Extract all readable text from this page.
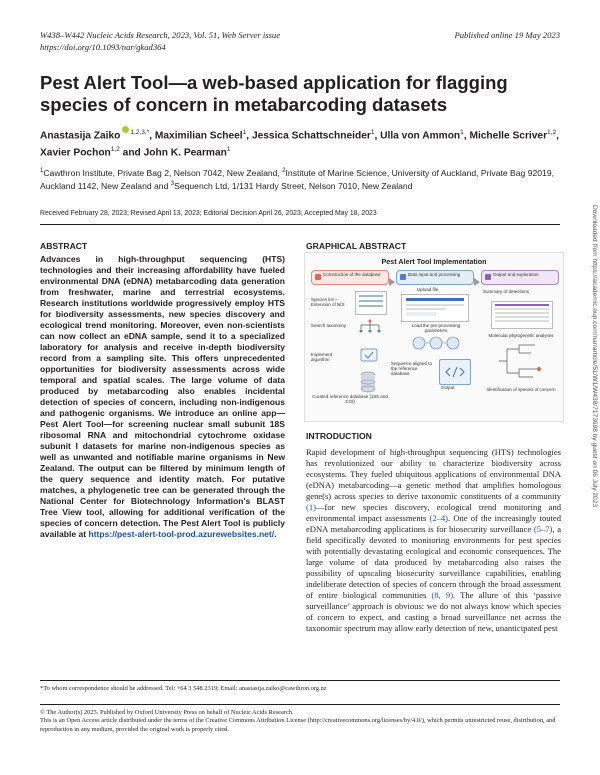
W438–W442 Nucleic Acids Research, 2023, Vol. 51, Web Server issue
https://doi.org/10.1093/nar/gkad364
Published online 19 May 2023
Pest Alert Tool—a web-based application for flagging species of concern in metabarcoding datasets
Anastasija Zaiko $^{1,2,3,*}$, Maximilian Scheel$^1$, Jessica Schattschneider$^1$, Ulla von Ammon$^1$, Michelle Scriver$^{1,2}$, Xavier Pochon$^{1,2}$ and John K. Pearman$^1$
$^1$Cawthron Institute, Private Bag 2, Nelson 7042, New Zealand, $^2$Institute of Marine Science, University of Auckland, Private Bag 92019, Auckland 1142, New Zealand and $^3$Sequench Ltd, 1/131 Hardy Street, Nelson 7010, New Zealand
Received February 28, 2023; Revised April 13, 2023; Editorial Decision April 26, 2023; Accepted May 18, 2023
ABSTRACT
Advances in high-throughput sequencing (HTS) technologies and their increasing affordability have fueled environmental DNA (eDNA) metabarcoding data generation from freshwater, marine and terrestrial ecosystems. Research institutions worldwide progressively employ HTS for biodiversity assessments, new species discovery and ecological trend monitoring. Moreover, even non-scientists can now collect an eDNA sample, send it to a specialized laboratory for analysis and receive in-depth biodiversity record from a sampling site. This offers unprecedented opportunities for biodiversity assessments across wide temporal and spatial scales. The large volume of data produced by metabarcoding also enables incidental detection of species of concern, including non-indigenous and pathogenic organisms. We introduce an online app—Pest Alert Tool—for screening nuclear small subunit 18S ribosomal RNA and mitochondrial cytochrome oxidase subunit I datasets for marine non-indigenous species as well as unwanted and notifiable marine organisms in New Zealand. The output can be filtered by minimum length of the query sequence and identity match. For putative matches, a phylogenetic tree can be generated through the National Center for Biotechnology Information's BLAST Tree View tool, allowing for additional verification of the species of concern detection. The Pest Alert Tool is publicly available at https://pest-alert-tool-prod.azurewebsites.net/.
GRAPHICAL ABSTRACT
Pest Alert Tool Implementation
Construction of the database	Data input and processing	Output and exploration
Species list – Extension of NIS
Search taxonomy
Implement algorithm
Curated reference database (18S and COI)
Upload file
Load the pre-processing parameters
Sequence aligned to the reference database
Output
Summary of detections
Molecular phylogenetic analyses
Identification of species of concern
INTRODUCTION
Rapid development of high-throughput sequencing (HTS) technologies has revolutionized our ability to characterize biodiversity across ecosystems. They fueled ubiquitous applications of environmental DNA (eDNA) metabarcoding—a genetic method that amplifies homologous gene(s) across species to derive taxonomic constituents of a community (1)—for new species discovery, ecological trend monitoring and environmental impact assessments (2–4). One of the increasingly touted eDNA metabarcoding applications is for biosecurity surveillance (5–7), a field specifically devoted to monitoring environments for pest species with potentially devastating ecological and economic consequences. The large volume of data produced by metabarcoding also raises the possibility of upscaling biosecurity surveillance capabilities, enabling indeliberate detection of species of concern through the broad assessment of entire biological communities (8, 9). The allure of this ‘passive surveillance’ approach is obvious: we do not always know which species of concern to expect, and casting a broad surveillance net across the taxonomic spectrum may allow early detection of new, unanticipated pest
*To whom correspondence should be addressed. Tel: +64 3 548 2319; Email: anastasija.zaiko@cawthron.org.nz
© The Author(s) 2023. Published by Oxford University Press on behalf of Nucleic Acids Research.
This is an Open Access article distributed under the terms of the Creative Commons Attribution License (http://creativecommons.org/licenses/by/4.0/), which permits unrestricted reuse, distribution, and reproduction in any medium, provided the original work is properly cited.
Downloaded from https://academic.oup.com/nar/article/51/W1/W438/7173698 by guest on 06 July 2023
